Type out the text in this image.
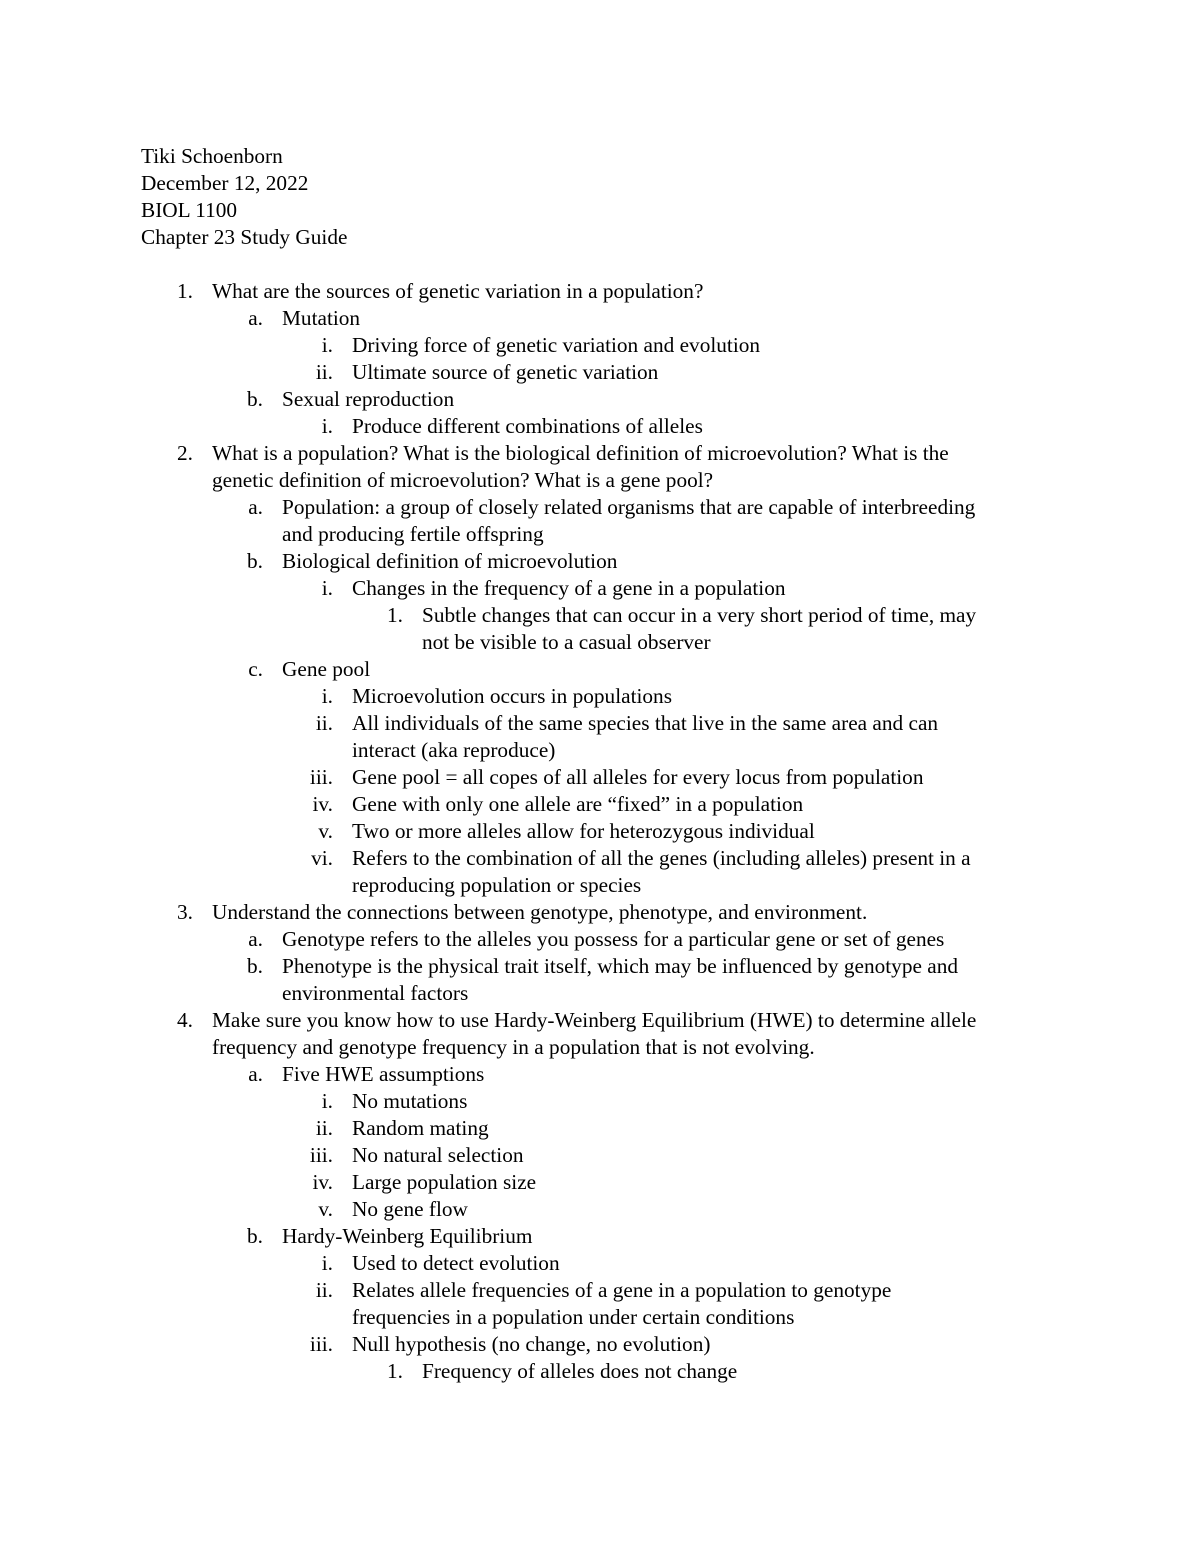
Tiki Schoenborn
December 12, 2022
BIOL 1100
Chapter 23 Study Guide
1. What are the sources of genetic variation in a population?
a. Mutation
i. Driving force of genetic variation and evolution
ii. Ultimate source of genetic variation
b. Sexual reproduction
i. Produce different combinations of alleles
2. What is a population? What is the biological definition of microevolution? What is the
genetic definition of microevolution? What is a gene pool?
a. Population: a group of closely related organisms that are capable of interbreeding
and producing fertile offspring
b. Biological definition of microevolution
i. Changes in the frequency of a gene in a population
1. Subtle changes that can occur in a very short period of time, may
not be visible to a casual observer
c. Gene pool
i. Microevolution occurs in populations
ii. All individuals of the same species that live in the same area and can
interact (aka reproduce)
iii. Gene pool = all copes of all alleles for every locus from population
iv. Gene with only one allele are “fixed” in a population
v. Two or more alleles allow for heterozygous individual
vi. Refers to the combination of all the genes (including alleles) present in a
reproducing population or species
3. Understand the connections between genotype, phenotype, and environment.
a. Genotype refers to the alleles you possess for a particular gene or set of genes
b. Phenotype is the physical trait itself, which may be influenced by genotype and
environmental factors
4. Make sure you know how to use Hardy-Weinberg Equilibrium (HWE) to determine allele
frequency and genotype frequency in a population that is not evolving.
a. Five HWE assumptions
i. No mutations
ii. Random mating
iii. No natural selection
iv. Large population size
v. No gene flow
b. Hardy-Weinberg Equilibrium
i. Used to detect evolution
ii. Relates allele frequencies of a gene in a population to genotype
frequencies in a population under certain conditions
iii. Null hypothesis (no change, no evolution)
1. Frequency of alleles does not change
